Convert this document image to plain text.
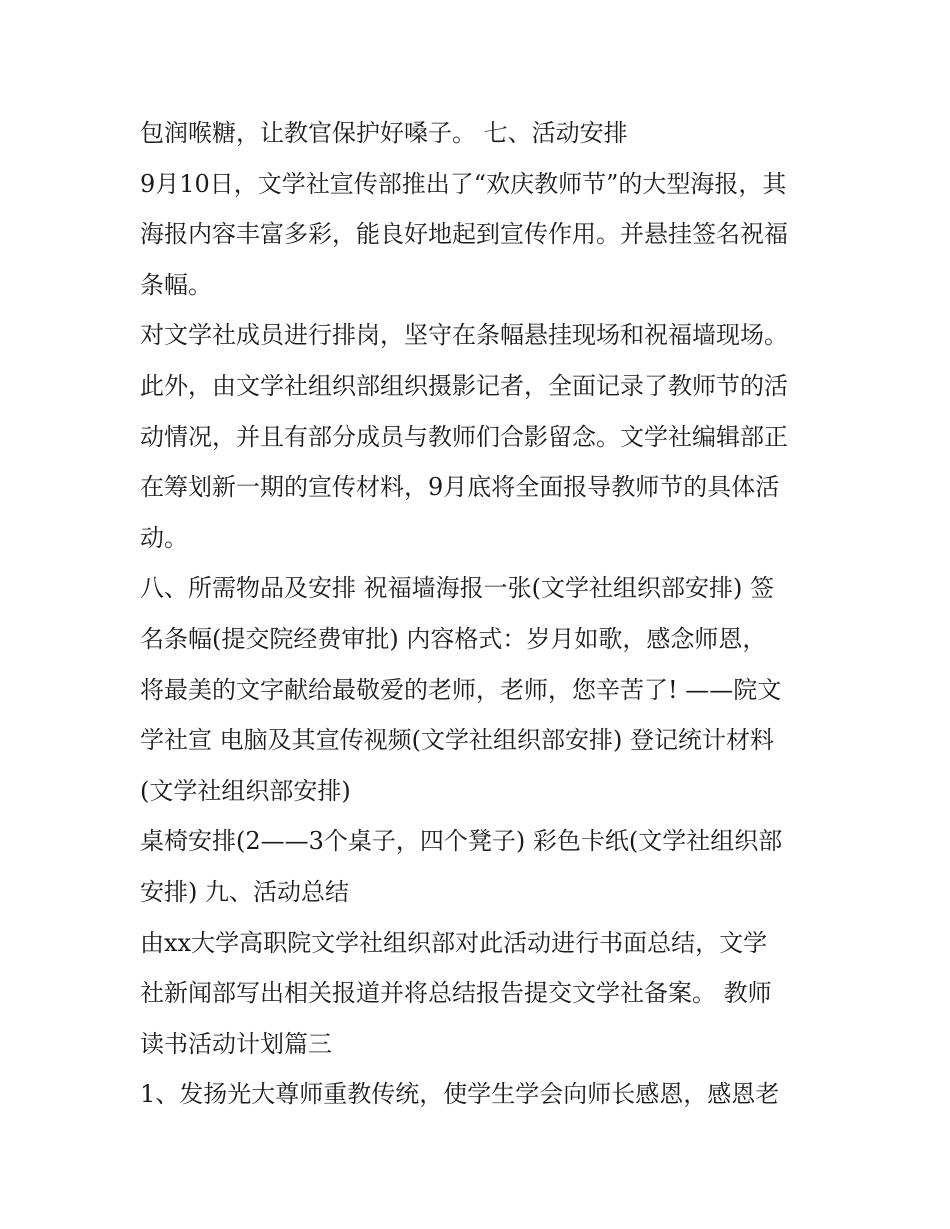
包润喉糖，让教官保护好嗓子。 七、活动安排
9月10日，文学社宣传部推出了“欢庆教师节”的大型海报，其
海报内容丰富多彩，能良好地起到宣传作用。并悬挂签名祝福
条幅。
对文学社成员进行排岗，坚守在条幅悬挂现场和祝福墙现场。
此外，由文学社组织部组织摄影记者，全面记录了教师节的活
动情况，并且有部分成员与教师们合影留念。文学社编辑部正
在筹划新一期的宣传材料，9月底将全面报导教师节的具体活
动。
八、所需物品及安排 祝福墙海报一张(文学社组织部安排) 签
名条幅(提交院经费审批) 内容格式：岁月如歌，感念师恩，
将最美的文字献给最敬爱的老师，老师，您辛苦了! ——院文
学社宣 电脑及其宣传视频(文学社组织部安排) 登记统计材料
(文学社组织部安排)
桌椅安排(2——3个桌子，四个凳子) 彩色卡纸(文学社组织部
安排) 九、活动总结
由xx大学高职院文学社组织部对此活动进行书面总结，文学
社新闻部写出相关报道并将总结报告提交文学社备案。 教师
读书活动计划篇三
1、发扬光大尊师重教传统，使学生学会向师长感恩，感恩老
